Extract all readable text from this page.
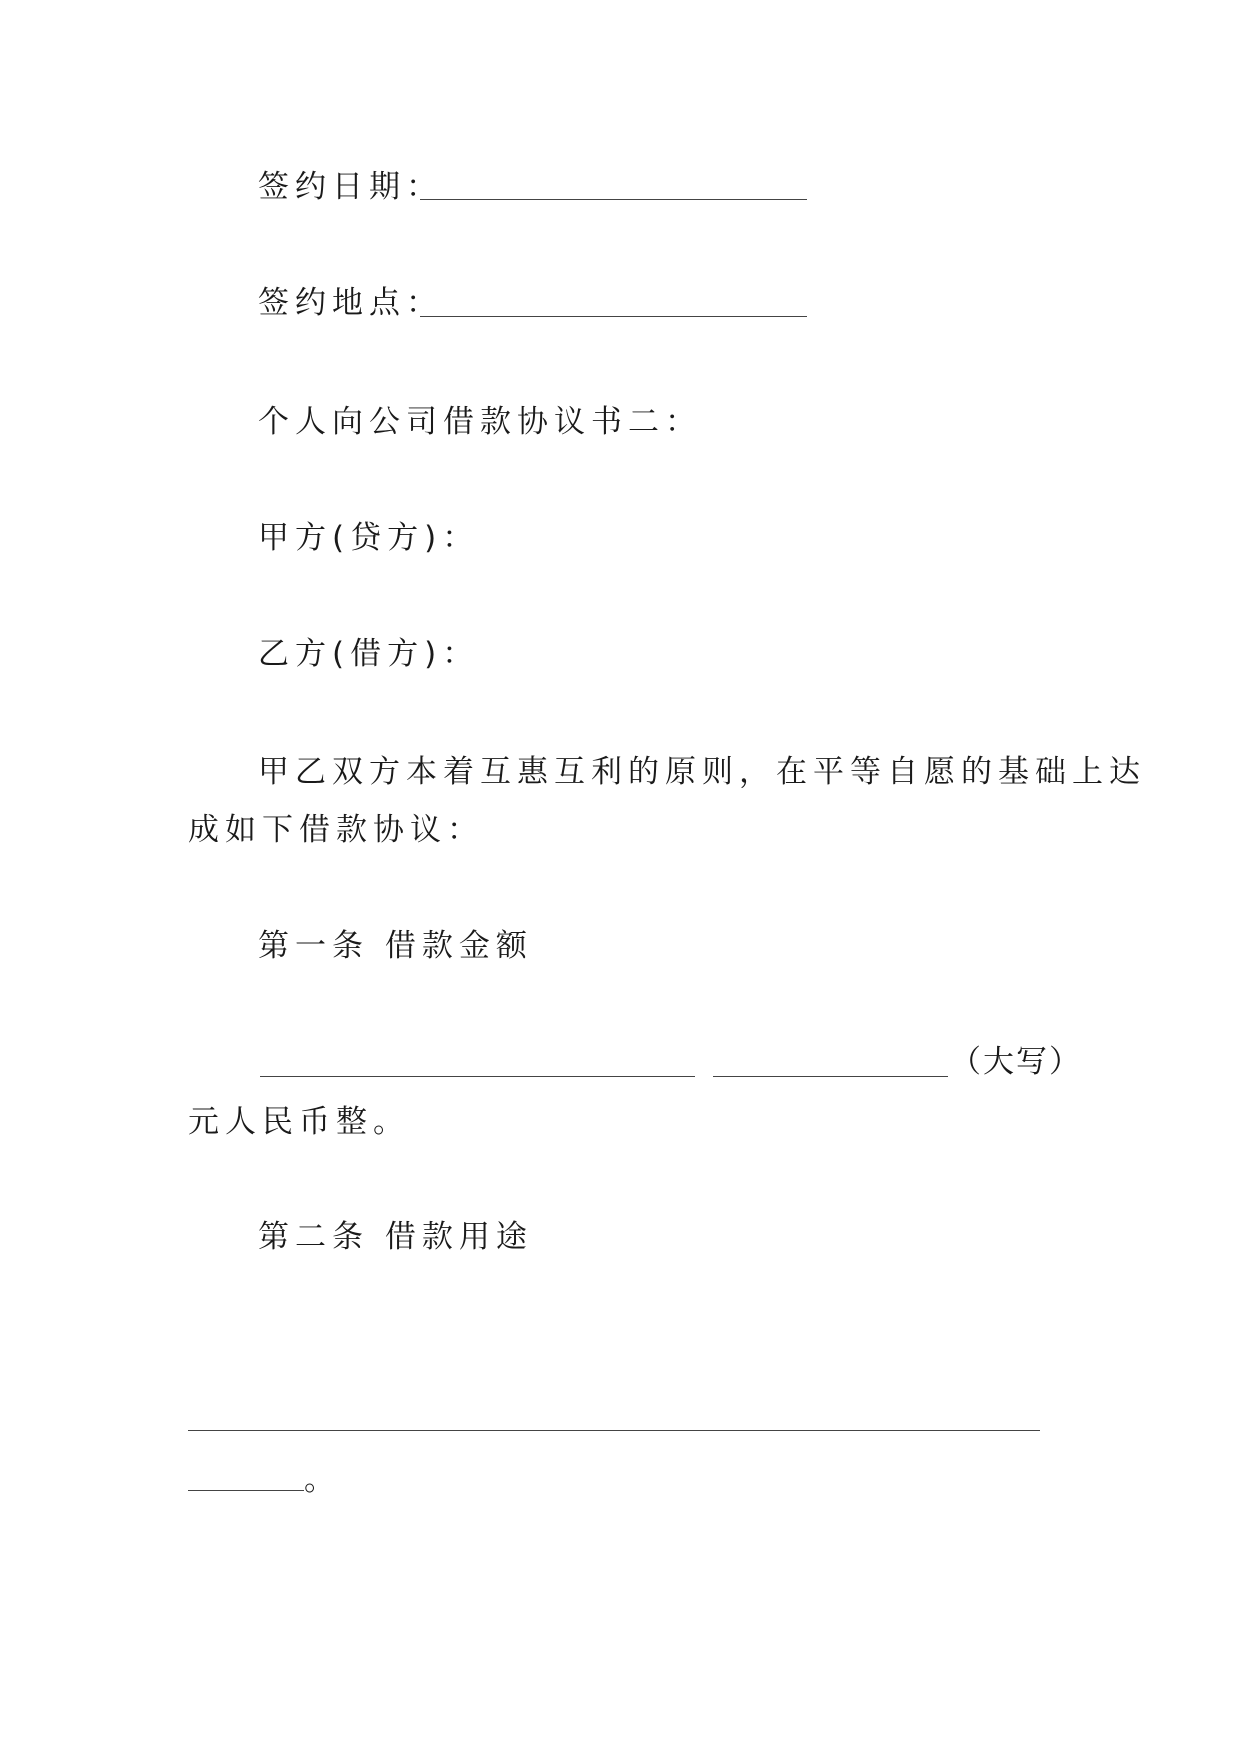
签约日期：
签约地点：
个人向公司借款协议书二：
甲方(贷方)：
乙方(借方)：
甲乙双方本着互惠互利的原则，在平等自愿的基础上达
成如下借款协议：
第一条 借款金额
（大写）
元人民币整。
第二条 借款用途
。
